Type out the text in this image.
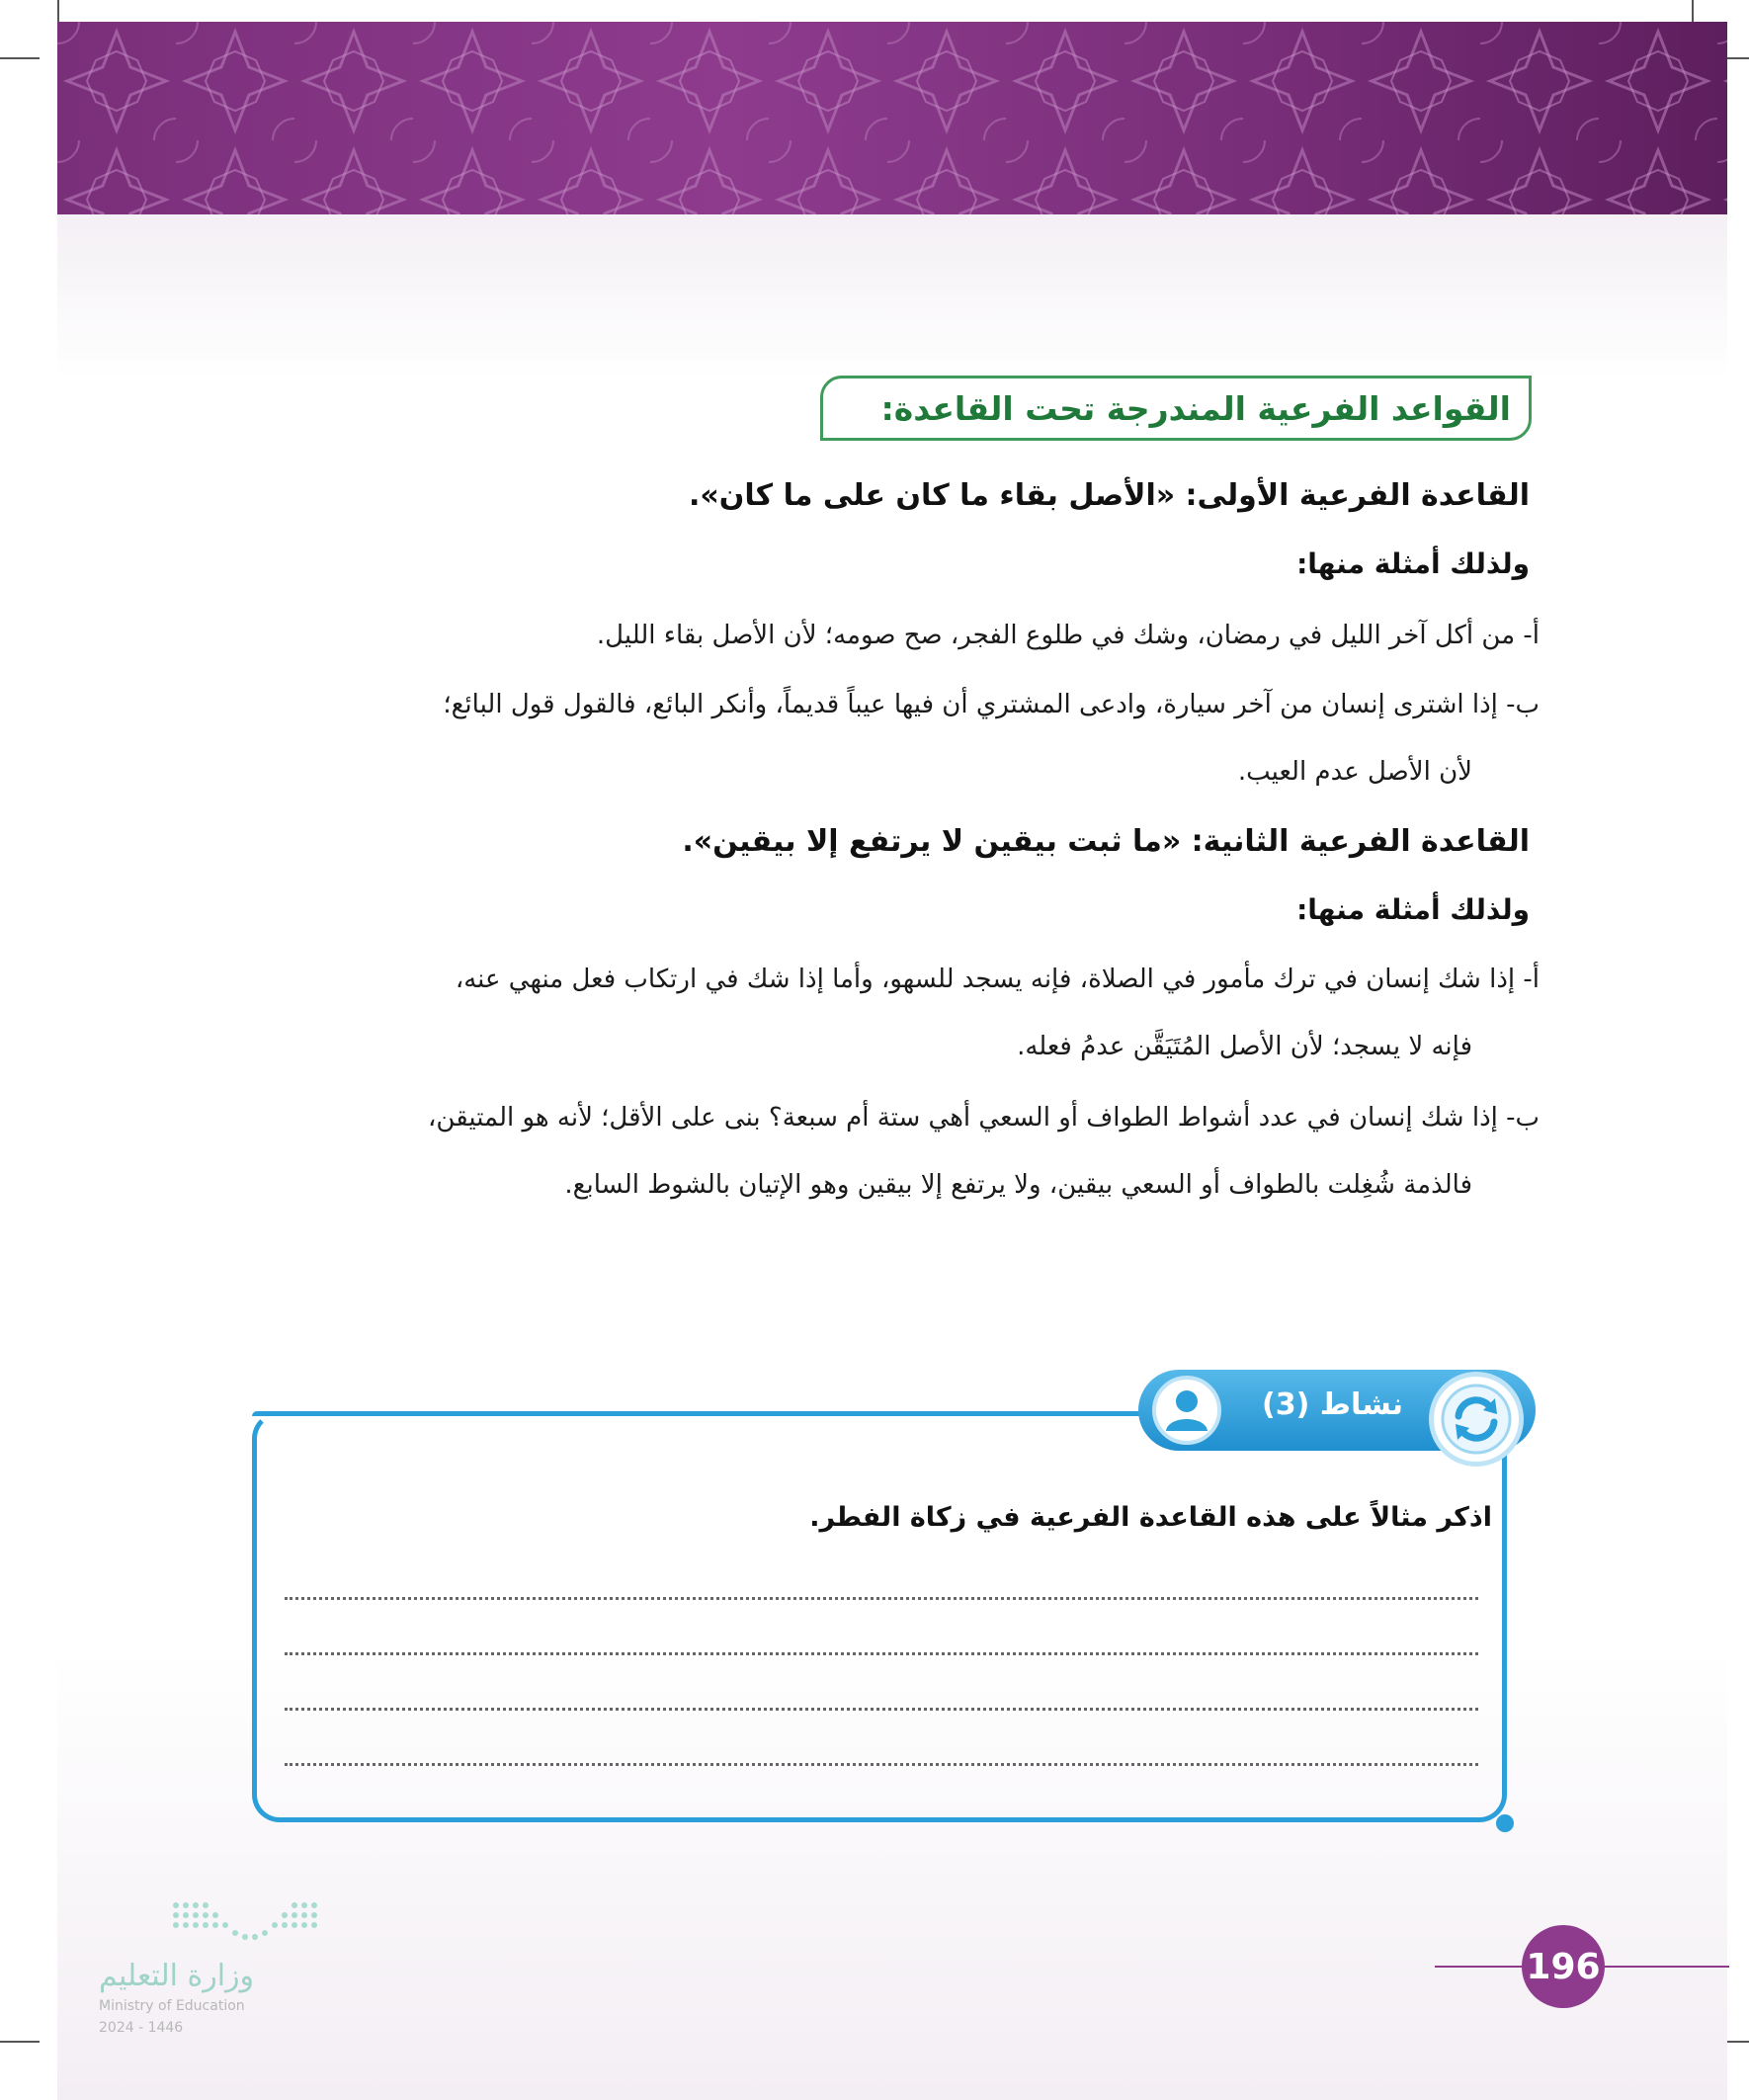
القواعد الفرعية المندرجة تحت القاعدة:
القاعدة الفرعية الأولى: «الأصل بقاء ما كان على ما كان».
ولذلك أمثلة منها:
أ- من أكل آخر الليل في رمضان، وشك في طلوع الفجر، صح صومه؛ لأن الأصل بقاء الليل.
ب- إذا اشترى إنسان من آخر سيارة، وادعى المشتري أن فيها عيباً قديماً، وأنكر البائع، فالقول قول البائع؛
لأن الأصل عدم العيب.
القاعدة الفرعية الثانية: «ما ثبت بيقين لا يرتفع إلا بيقين».
ولذلك أمثلة منها:
أ- إذا شك إنسان في ترك مأمور في الصلاة، فإنه يسجد للسهو، وأما إذا شك في ارتكاب فعل منهي عنه،
فإنه لا يسجد؛ لأن الأصل المُتَيَقَّن عدمُ فعله.
ب- إذا شك إنسان في عدد أشواط الطواف أو السعي أهي ستة أم سبعة؟ بنى على الأقل؛ لأنه هو المتيقن،
فالذمة شُغِلت بالطواف أو السعي بيقين، ولا يرتفع إلا بيقين وهو الإتيان بالشوط السابع.
نشاط (3)
اذكر مثالاً على هذه القاعدة الفرعية في زكاة الفطر.
196
وزارة التعليم
Ministry of Education
2024 - 1446
